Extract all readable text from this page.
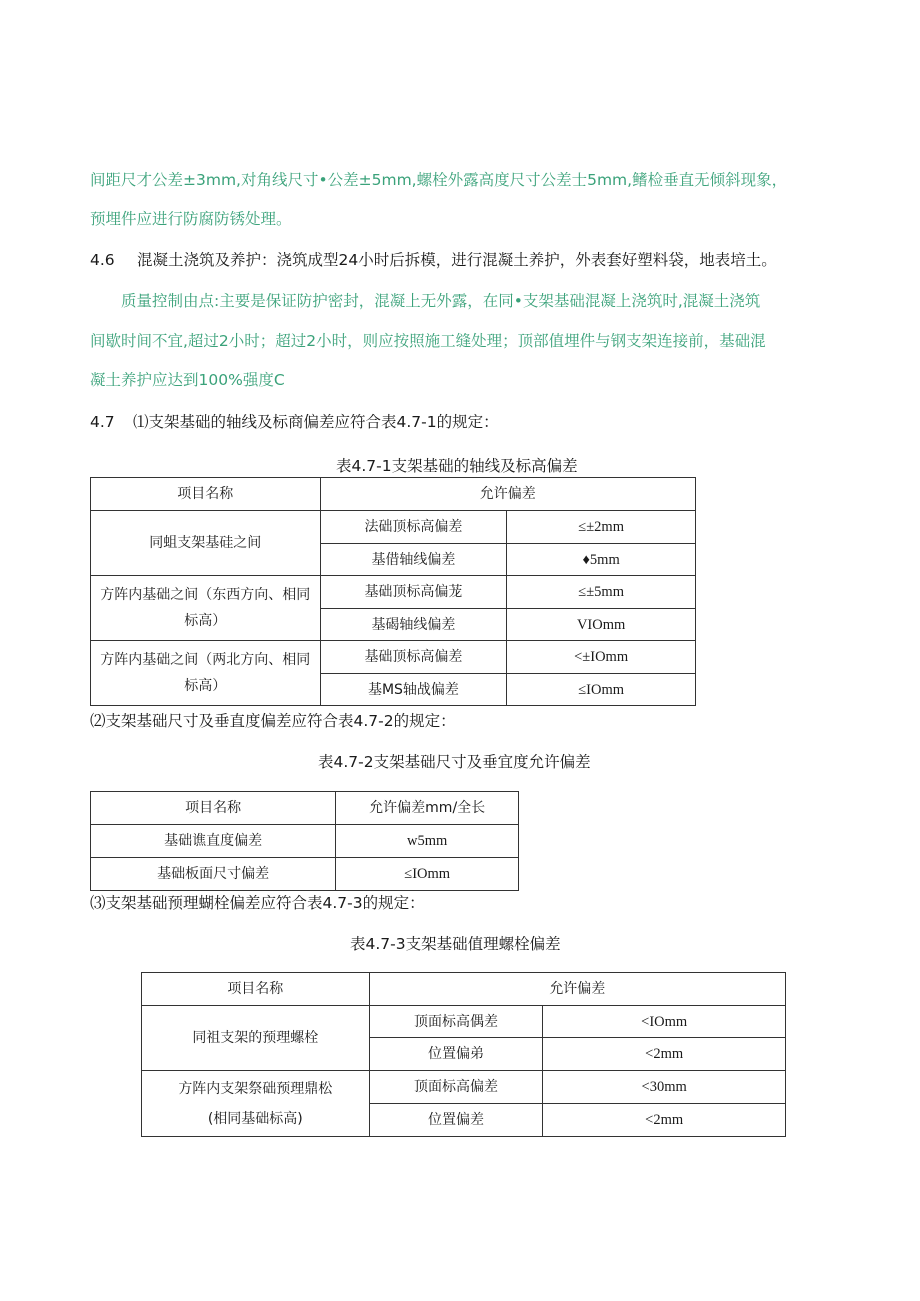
间距尺才公差±3mm,对角线尺寸•公差±5mm,螺栓外露高度尺寸公差士5mm,鳍检垂直无倾斜现象，
预埋件应进行防腐防锈处理。
4.6 混凝土浇筑及养护：浇筑成型24小时后拆模，进行混凝土养护，外表套好塑料袋，地表培土。
质量控制由点:主要是保证防护密封，混凝上无外露，在同•支架基础混凝上浇筑时,混凝土浇筑
间歇时间不宜,超过2小时；超过2小时，则应按照施工缝处理；顶部值埋件与钢支架连接前，基础混
凝土养护应达到100%强度C
4.7 ⑴支架基础的轴线及标商偏差应符合表4.7-1的规定：
表4.7-1支架基础的轴线及标高偏差
项目名称	允许偏差	
同蛆支架基硅之间	法础顶标高偏差	≤±2mm
	基借轴线偏差	♦5mm
方阵内基础之间（东西方向、相同标高）	基础顶标高偏茏	≤±5mm
	基碣轴线偏差	VIOmm
方阵内基础之间（两北方向、相同标高）	基础顶标高偏差	<±IOmm
	基MS轴战偏差	≤IOmm
⑵支架基础尺寸及垂直度偏差应符合表4.7-2的规定：
表4.7-2支架基础尺寸及垂宜度允许偏差
项目名称	允许偏差mm/全长
基础谯直度偏差	w5mm
基础板面尺寸偏差	≤IOmm
⑶支架基础预理蝴栓偏差应符合表4.7-3的规定：
表4.7-3支架基础值理螺栓偏差
项目名称	允许偏差	
同祖支架的预理螺栓	顶面标高偶差	<IOmm
	位置偏弟	<2mm

方阵内支架祭础预理鼎松
(相同基础标高)	顶面标高偏差	<30mm
	位置偏差	<2mm
